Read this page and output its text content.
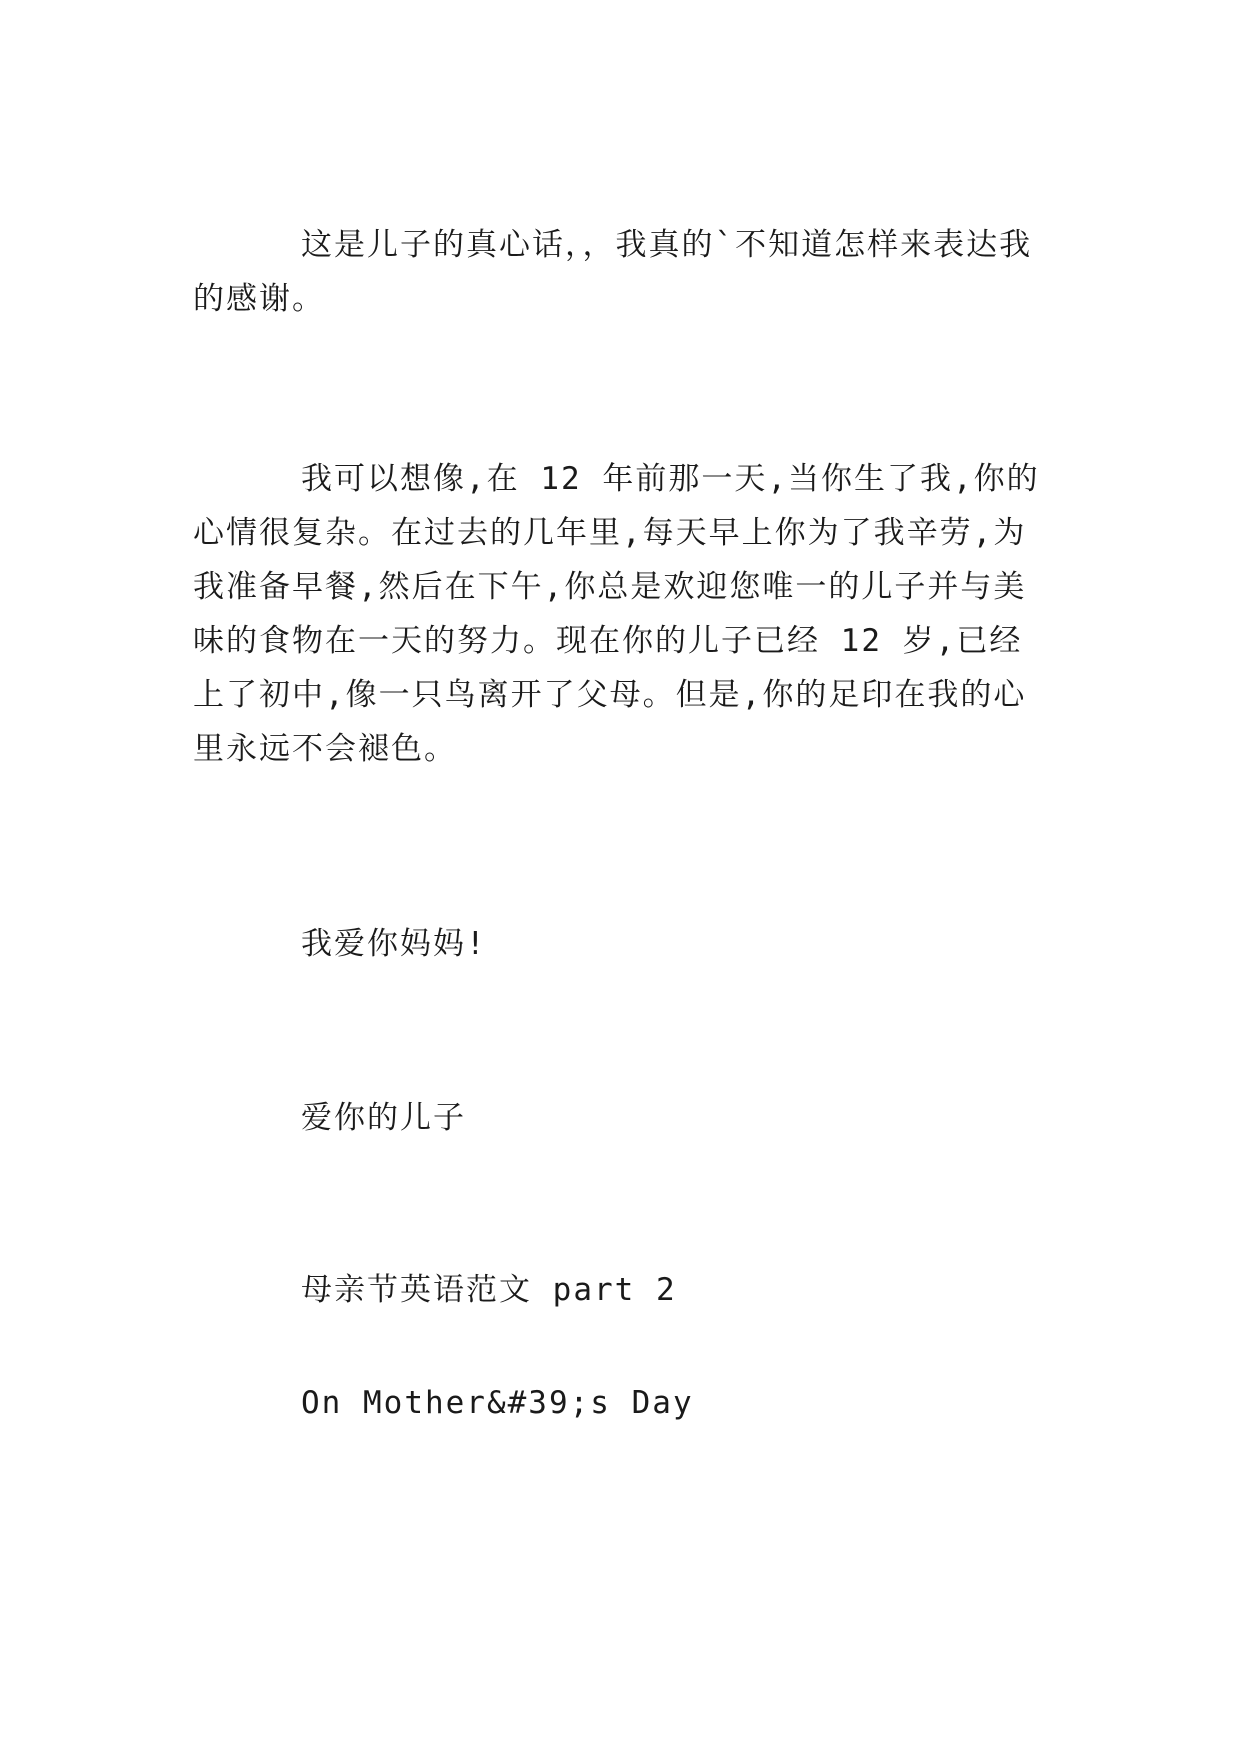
这是儿子的真心话，，我真的`不知道怎样来表达我的感谢。

我可以想像,在 12 年前那一天,当你生了我,你的心情很复杂。在过去的几年里,每天早上你为了我辛劳,为我准备早餐,然后在下午,你总是欢迎您唯一的儿子并与美味的食物在一天的努力。现在你的儿子已经 12 岁,已经上了初中,像一只鸟离开了父母。但是,你的足印在我的心里永远不会褪色。

我爱你妈妈!

爱你的儿子

母亲节英语范文 part 2

On Mother&#39;s Day
